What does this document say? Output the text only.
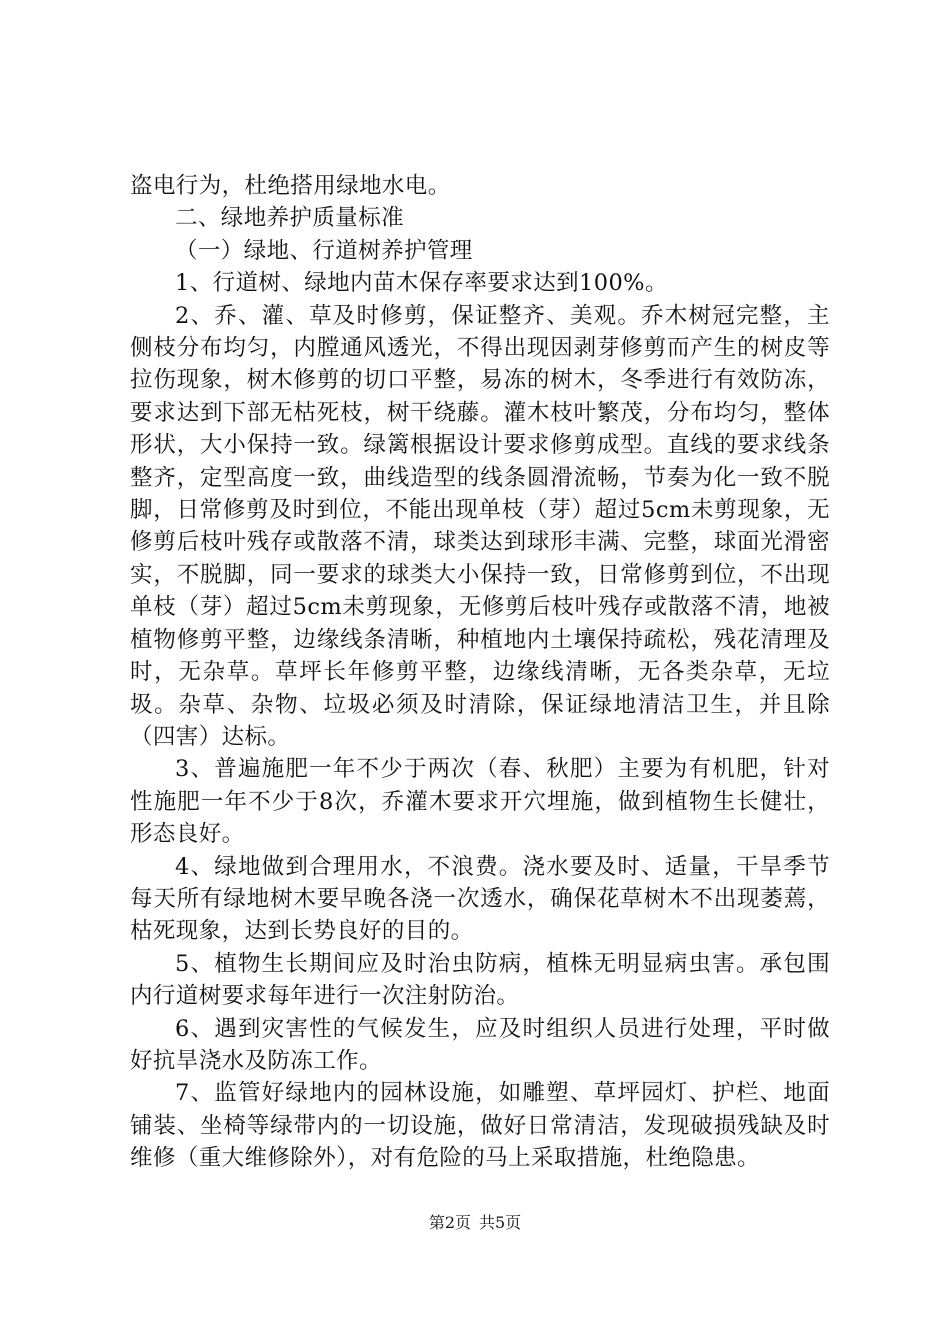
盗电行为，杜绝搭用绿地水电。

二、绿地养护质量标准

（一）绿地、行道树养护管理

1、行道树、绿地内苗木保存率要求达到100%。

2、乔、灌、草及时修剪，保证整齐、美观。乔木树冠完整，主侧枝分布均匀，内膛通风透光，不得出现因剥芽修剪而产生的树皮等拉伤现象，树木修剪的切口平整，易冻的树木，冬季进行有效防冻，要求达到下部无枯死枝，树干绕藤。灌木枝叶繁茂，分布均匀，整体形状，大小保持一致。绿篱根据设计要求修剪成型。直线的要求线条整齐，定型高度一致，曲线造型的线条圆滑流畅，节奏为化一致不脱脚，日常修剪及时到位，不能出现单枝（芽）超过5cm未剪现象，无修剪后枝叶残存或散落不清，球类达到球形丰满、完整，球面光滑密实，不脱脚，同一要求的球类大小保持一致，日常修剪到位，不出现单枝（芽）超过5cm未剪现象，无修剪后枝叶残存或散落不清，地被植物修剪平整，边缘线条清晰，种植地内土壤保持疏松，残花清理及时，无杂草。草坪长年修剪平整，边缘线清晰，无各类杂草，无垃圾。杂草、杂物、垃圾必须及时清除，保证绿地清洁卫生，并且除（四害）达标。

3、普遍施肥一年不少于两次（春、秋肥）主要为有机肥，针对性施肥一年不少于8次，乔灌木要求开穴埋施，做到植物生长健壮，形态良好。

4、绿地做到合理用水，不浪费。浇水要及时、适量，干旱季节每天所有绿地树木要早晚各浇一次透水，确保花草树木不出现萎蔫，枯死现象，达到长势良好的目的。

5、植物生长期间应及时治虫防病，植株无明显病虫害。承包围内行道树要求每年进行一次注射防治。

6、遇到灾害性的气候发生，应及时组织人员进行处理，平时做好抗旱浇水及防冻工作。

7、监管好绿地内的园林设施，如雕塑、草坪园灯、护栏、地面铺装、坐椅等绿带内的一切设施，做好日常清洁，发现破损残缺及时维修（重大维修除外），对有危险的马上采取措施，杜绝隐患。

第2页 共5页
